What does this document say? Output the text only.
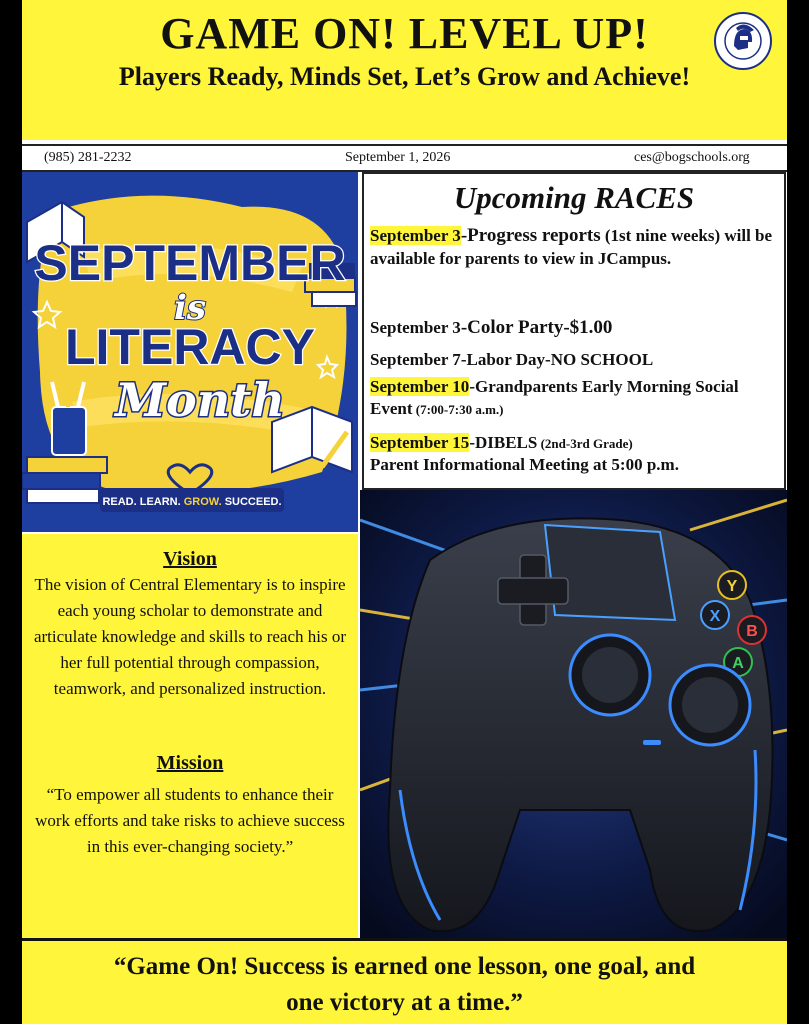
GAME ON! LEVEL UP!
Players Ready, Minds Set, Let’s Grow and Achieve!
(985) 281-2232	September 1, 2026	ces@bogschools.org
SEPTEMBER
is
LITERACY
Month
READ. LEARN. GROW. SUCCEED.
Upcoming RACES
September 3-Progress reports (1st nine weeks) will be available for parents to view in JCampus.
September 3-Color Party-$1.00
September 7-Labor Day-NO SCHOOL
September 10-Grandparents Early Morning Social Event (7:00-7:30 a.m.)
September 15-DIBELS (2nd-3rd Grade)
Parent Informational Meeting at 5:00 p.m.
Vision

The vision of Central Elementary is to inspire each young scholar to demonstrate and articulate knowledge and skills to reach his or her full potential through compassion, teamwork, and personalized instruction.

Mission

“To empower all students to enhance their work efforts and take risks to achieve success in this ever-changing society.”

Y
X
B
A
“Game On! Success is earned one lesson, one goal, and
one victory at a time.”
